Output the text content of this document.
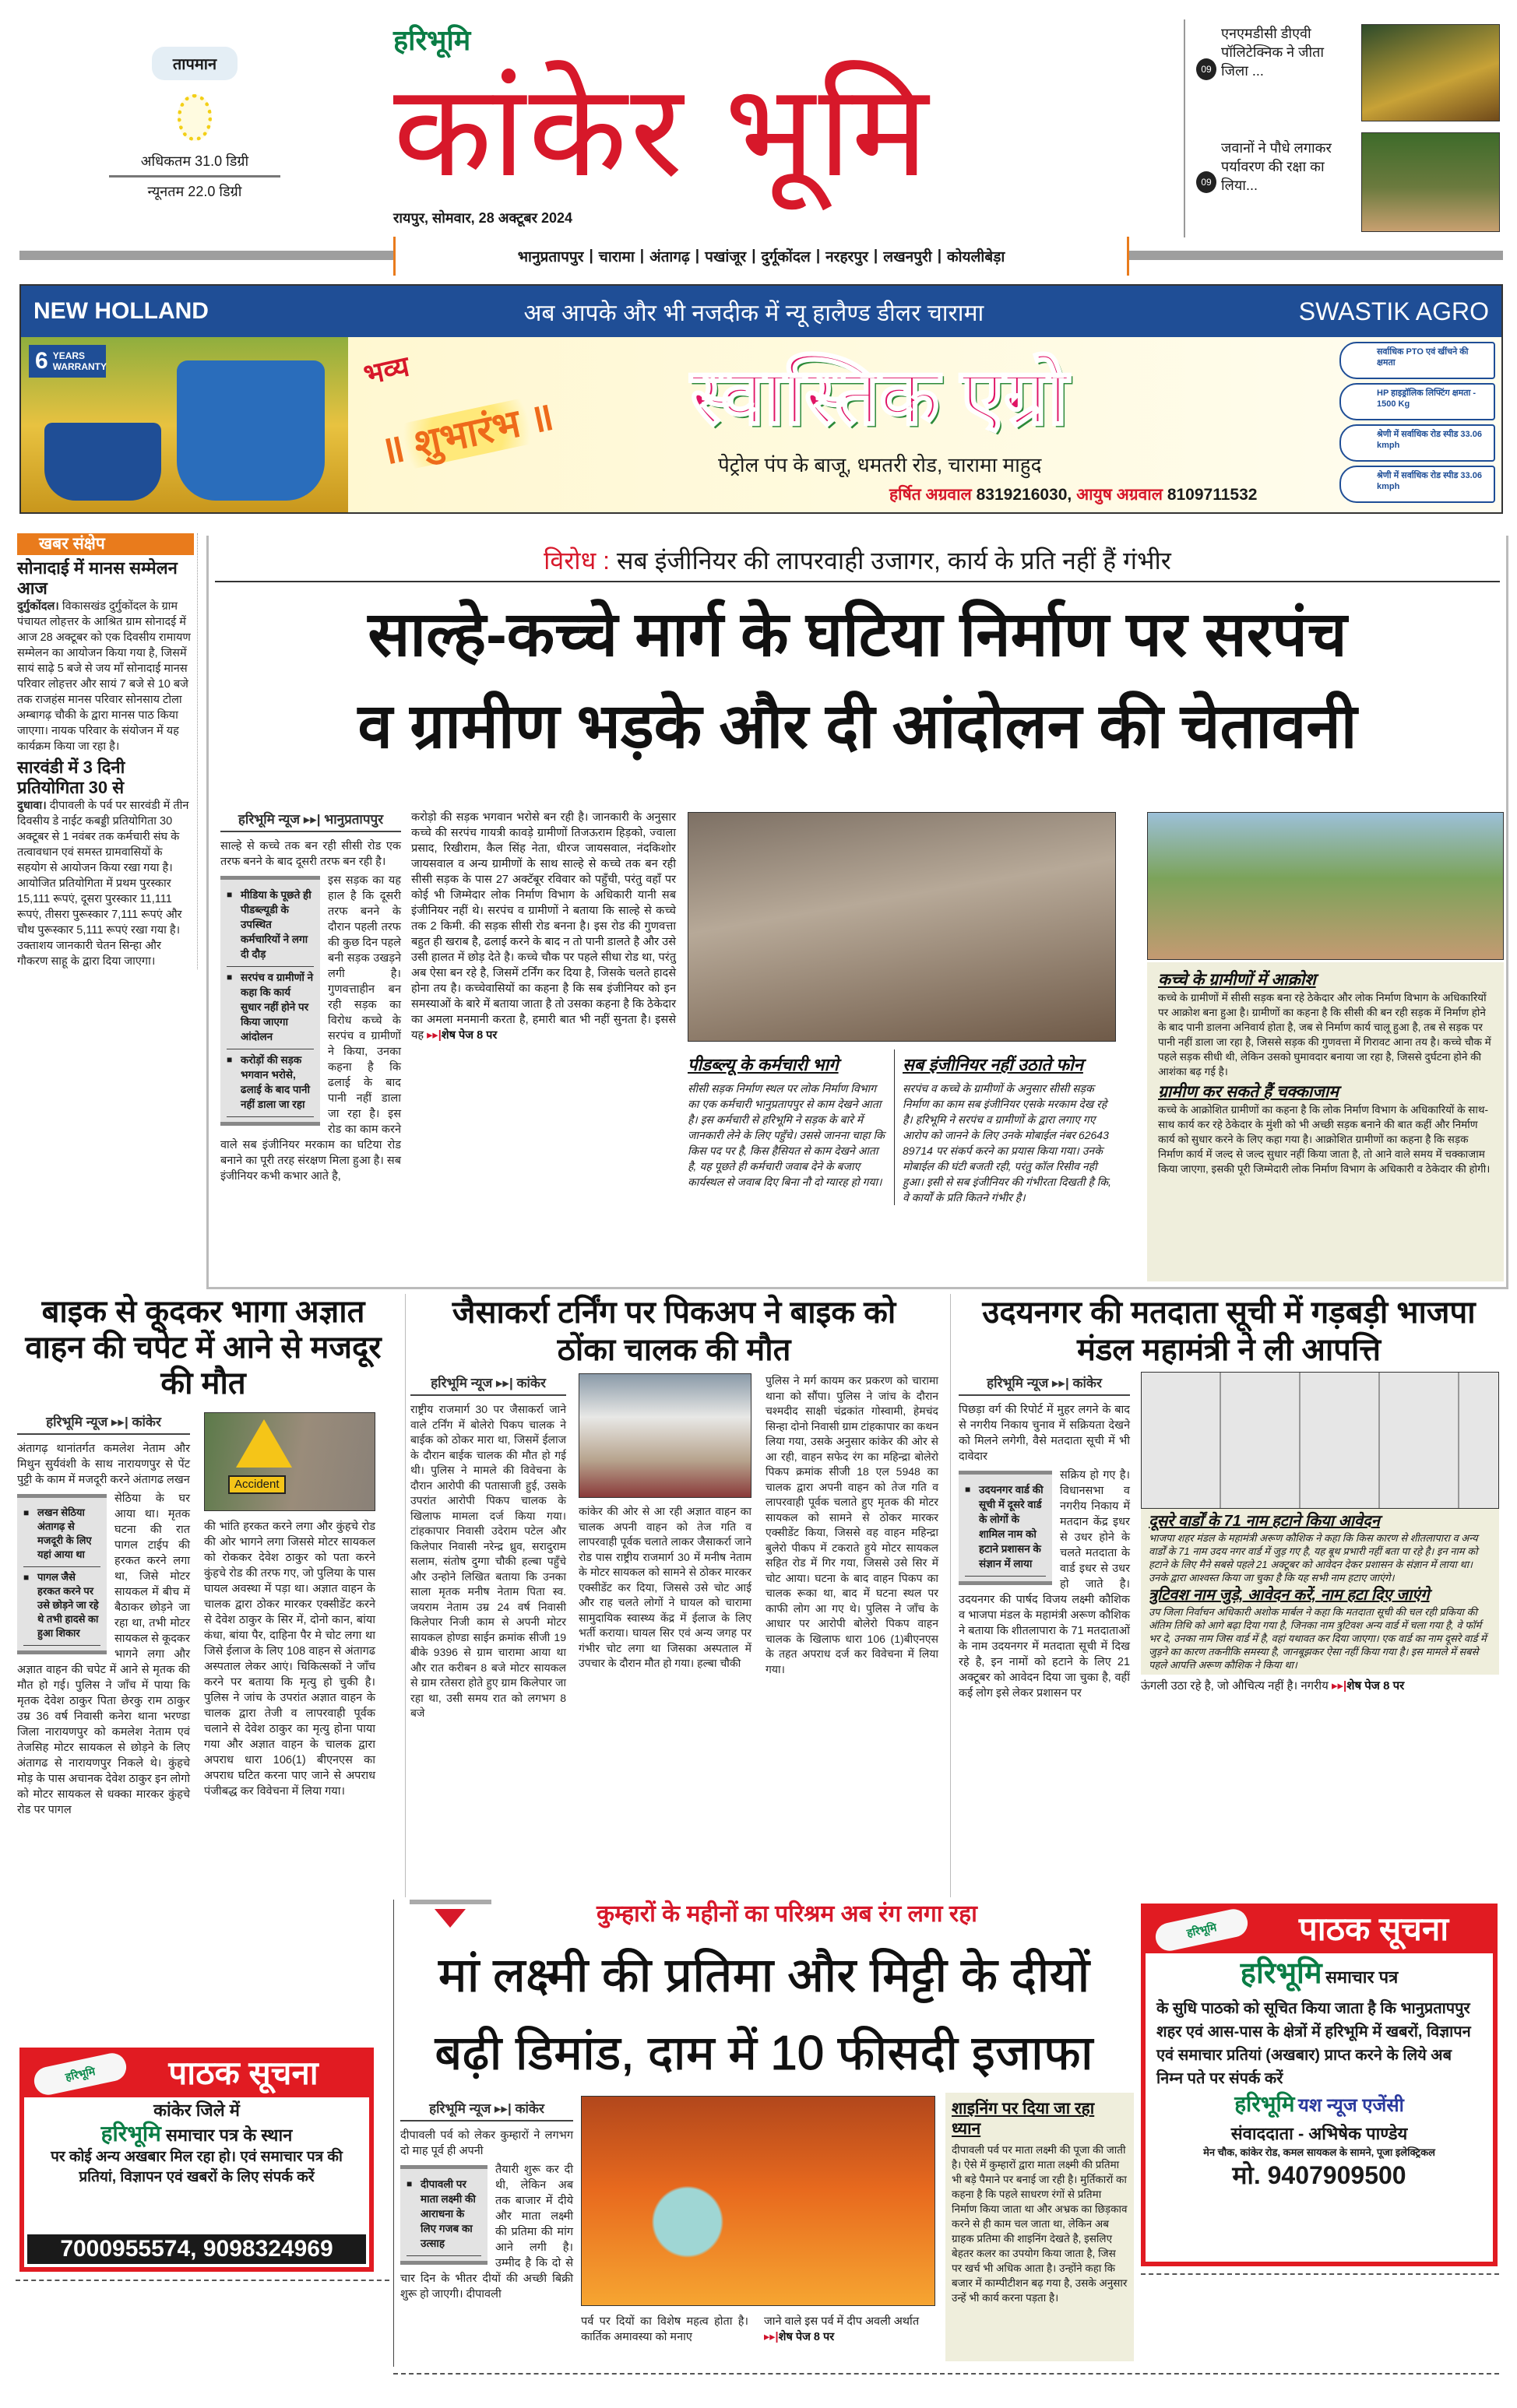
तापमान
अधिकतम 31.0 डिग्री
न्यूनतम 22.0 डिग्री
हरिभूमि
कांकेर भूमि
रायपुर, सोमवार, 28 अक्टूबर 2024
09
एनएमडीसी डीएवी पॉलिटेक्निक ने जीता जिला ...
09
जवानों ने पौधे लगाकर पर्यावरण की रक्षा का लिया...
भानुप्रतापपुर | चारामा | अंतागढ़ | पखांजूर | दुर्गूकोंदल | नरहरपुर | लखनपुरी | कोयलीबेड़ा
NEW HOLLAND	अब आपके और भी नजदीक में न्यू हालैण्ड डीलर चारामा	SWASTIK AGRO
6 YEARS WARRANTY	भव्य
॥ शुभारंभ ॥ स्वास्तिक एग्रो
पेट्रोल पंप के बाजू, धमतरी रोड, चारामा माहुद
हर्षित अग्रवाल 8319216030, आयुष अग्रवाल 8109711532
सर्वाधिक PTO एवं खींचने की क्षमता
HP हाइड्रॉलिक लिफ्टिंग क्षमता - 1500 Kg
श्रेणी में सर्वाधिक रोड स्पीड 33.06 kmph
श्रेणी में सर्वाधिक रोड स्पीड 33.06 kmph
खबर संक्षेप
सोनादाई में मानस सम्मेलन आज
दुर्गुकोंदल। विकासखंड दुर्गुकोंदल के ग्राम पंचायत लोहत्तर के आश्रित ग्राम सोनादई में आज 28 अक्टूबर को एक दिवसीय रामायण सम्मेलन का आयोजन किया गया है, जिसमें सायं साढ़े 5 बजे से जय माँ सोनादाई मानस परिवार लोहत्तर और सायं 7 बजे से 10 बजे तक राजहंस मानस परिवार सोनसाय टोला अम्बागढ़ चौकी के द्वारा मानस पाठ किया जाएगा। नायक परिवार के संयोजन में यह कार्यक्रम किया जा रहा है।
सारवंडी में 3 दिनी प्रतियोगिता 30 से
दुधावा। दीपावली के पर्व पर सारवंडी में तीन दिवसीय डे नाईट कबड्डी प्रतियोगिता 30 अक्टूबर से 1 नवंबर तक कर्मचारी संघ के तत्वावधान एवं समस्त ग्रामवासियों के सहयोग से आयोजन किया रखा गया है। आयोजित प्रतियोगिता में प्रथम पुरस्कार 15,111 रूपएं, दूसरा पुरस्कार 11,111 रूपएं, तीसरा पुरूस्कार 7,111 रूपएं और चौथ पुरूस्कार 5,111 रूपएं रखा गया है। उक्ताशय जानकारी चेतन सिन्हा और गौकरण साहू के द्वारा दिया जाएगा।
विरोध : सब इंजीनियर की लापरवाही उजागर, कार्य के प्रति नहीं हैं गंभीर
साल्हे-कच्चे मार्ग के घटिया निर्माण पर सरपंच
व ग्रामीण भड़के और दी आंदोलन की चेतावनी
हरिभूमि न्यूज ▸▸| भानुप्रतापपुर
साल्हे से कच्चे तक बन रही सीसी रोड एक तरफ बनने के बाद दूसरी तरफ बन रही है।
■ मीडिया के पूछते ही पीडब्ल्यूडी के उपस्थित कर्मचारियों ने लगा दी दौड़
■ सरपंच व ग्रामीणों ने कहा कि कार्य सुधार नहीं होने पर किया जाएगा आंदोलन
■ करोड़ों की सड़क भगवान भरोसे, ढलाई के बाद पानी नहीं डाला जा रहा
इस सड़क का यह हाल है कि दूसरी तरफ बनने के दौरान पहली तरफ की कुछ दिन पहले बनी सड़क उखड़ने लगी है। गुणवत्ताहीन बन रही सड़क का विरोध कच्चे के सरपंच व ग्रामीणों ने किया, उनका कहना है कि ढलाई के बाद पानी नहीं डाला जा रहा है। इस रोड का काम करने वाले सब इंजीनियर मरकाम का घटिया रोड बनाने का पूरी तरह संरक्षण मिला हुआ है। सब इंजीनियर कभी कभार आते है,
करोड़ो की सड़क भगवान भरोसे बन रही है। जानकारी के अनुसार कच्चे की सरपंच गायत्री कावड़े ग्रामीणों तिजऊराम हिड़को, ज्वाला प्रसाद, रिखीराम, कैल सिंह नेता, धीरज जायसवाल, नंदकिशोर जायसवाल व अन्य ग्रामीणों के साथ साल्हे से कच्चे तक बन रही सीसी सड़क के पास 27 अक्टॅबूर रविवार को पहुँची, परंतु वहाँ पर कोई भी जिम्मेदार लोक निर्माण विभाग के अधिकारी यानी सब इंजीनियर नहीं थे। सरपंच व ग्रामीणों ने बताया कि साल्हे से कच्चे तक 2 किमी. की सड़क सीसी रोड बनना है। इस रोड की गुणवत्ता बहुत ही खराब है, ढलाई करने के बाद न तो पानी डालते है और उसे उसी हालत में छोड़ देते है। कच्चे चौक पर पहले सीधा रोड था, परंतु अब ऐसा बन रहे है, जिसमें टर्निंग कर दिया है, जिसके चलते हादसे होना तय है। कच्चेवासियों का कहना है कि सब इंजीनियर को इन समस्याओं के बारे में बताया जाता है तो उसका कहना है कि ठेकेदार का अमला मनमानी करता है, हमारी बात भी नहीं सुनता है। इससे यह ▸▸|शेष पेज 8 पर
पीडब्ल्यू के कर्मचारी भागे
सीसी सड़क निर्माण स्थल पर लोक निर्माण विभाग का एक कर्मचारी भानुप्रतापपुर से काम देखने आता है। इस कर्मचारी से हरिभूमि ने सड़क के बारे में जानकारी लेने के लिए पहुँचे। उससे जानना चाहा कि किस पद पर है, किस हैसियत से काम देखने आता है, यह पूछते ही कर्मचारी जवाब देने के बजाए कार्यस्थल से जवाब दिए बिना नौ दो ग्यारह हो गया।
सब इंजीनियर नहीं उठाते फोन
सरपंच व कच्चे के ग्रामीणों के अनुसार सीसी सड़क निर्माण का काम सब इंजीनियर एसके मरकाम देख रहे है। हरिभूमि ने सरपंच व ग्रामीणों के द्वारा लगाए गए आरोप को जानने के लिए उनके मोबाईल नंबर 62643 89714 पर संकर्प करने का प्रयास किया गया। उनके मोबाईल की घंटी बजती रही, परंतु कॉल रिसीव नही हुआ। इसी से सब इंजीनियर की गंभीरता दिखती है कि, वे कार्यों के प्रति कितने गंभीर है।
कच्चे के ग्रामीणों में आक्रोश
कच्चे के ग्रामीणों में सीसी सड़क बना रहे ठेकेदार और लोक निर्माण विभाग के अधिकारियों पर आक्रोश बना हुआ है। ग्रामीणों का कहना है कि सीसी की बन रही सड़क में निर्माण होने के बाद पानी डालना अनिवार्य होता है, जब से निर्माण कार्य चालू हुआ है, तब से सड़क पर पानी नहीं डाला जा रहा है, जिससे सड़क की गुणवत्ता में गिरावट आना तय है। कच्चे चौक में पहले सड़क सीधी थी, लेकिन उसको घुमावदार बनाया जा रहा है, जिससे दुर्घटना होने की आशंका बढ़ गई है।
ग्रामीण कर सकते हैं चक्काजाम
कच्चे के आक्रोशित ग्रामीणों का कहना है कि लोक निर्माण विभाग के अधिकारियों के साथ-साथ कार्य कर रहे ठेकेदार के मुंशी को भी अच्छी सड़क बनाने की बात कहीं और निर्माण कार्य को सुधार करने के लिए कहा गया है। आक्रोशित ग्रामीणों का कहना है कि सड़क निर्माण कार्य में जल्द से जल्द सुधार नहीं किया जाता है, तो आने वाले समय में चक्काजाम किया जाएगा, इसकी पूरी जिम्मेदारी लोक निर्माण विभाग के अधिकारी व ठेकेदार की होगी।
बाइक से कूदकर भागा अज्ञात वाहन की चपेट में आने से मजदूर की मौत
हरिभूमि न्यूज ▸▸| कांकेर
अंतागढ़ थानांतर्गत कमलेश नेताम और मिथुन सुर्यवंशी के साथ नारायणपुर से पेंट पुट्टी के काम में मजदूरी करने अंतागढ लखन
■ लखन सेठिया अंतागढ़ से मजदूरी के लिए यहां आया था
■ पागल जैसे हरकत करने पर उसे छोड़ने जा रहे थे तभी हादसे का हुआ शिकार
सेठिया के घर आया था। मृतक घटना की रात पागल टाईप की हरकत करने लगा था, जिसे मोटर सायकल में बीच में बैठाकर छोड़ने जा रहा था, तभी मोटर सायकल से कूदकर भागने लगा और अज्ञात वाहन की चपेट में आने से मृतक की मौत हो गई। पुलिस ने जाँच में पाया कि मृतक देवेश ठाकुर पिता छेरकु राम ठाकुर उम्र 36 वर्ष निवासी कनेरा थाना भरण्डा जिला नारायणपुर को कमलेश नेताम एवं तेजसिह मोटर सायकल से छोड़ने के लिए अंतागढ से नारायणपुर निकले थे। कुंहचे मोड़ के पास अचानक देवेश ठाकुर इन लोगो को मोटर सायकल से धक्का मारकर कुंहचे रोड पर पागल
Accident
की भांति हरकत करने लगा और कुंहचे रोड की ओर भागने लगा जिससे मोटर सायकल को रोककर देवेश ठाकुर को पता करने कुंहचे रोड की तरफ गए, जो पुलिया के पास घायल अवस्था में पड़ा था। अज्ञात वाहन के चालक द्वारा ठोकर मारकर एक्सीडेंट करने से देवेश ठाकुर के सिर में, दोनो कान, बांया कंधा, बांया पैर, दाहिना पैर मे चोट लगा था जिसे ईलाज के लिए 108 वाहन से अंतागढ अस्पताल लेकर आएं। चिकित्सकों ने जाँच करने पर बताया कि मृत्यु हो चुकी है। पुलिस ने जांच के उपरांत अज्ञात वाहन के चालक द्वारा तेजी व लापरवाही पूर्वक चलाने से देवेश ठाकुर का मृत्यु होना पाया गया और अज्ञात वाहन के चालक द्वारा अपराध धारा 106(1) बीएनएस का अपराध घटित करना पाए जाने से अपराध पंजीबद्ध कर विवेचना में लिया गया।
जैसाकर्रा टर्निंग पर पिकअप ने बाइक को ठोंका चालक की मौत
हरिभूमि न्यूज ▸▸| कांकेर
राष्ट्रीय राजमार्ग 30 पर जैसाकर्रा जाने वाले टर्निंग में बोलेरो पिकप चालक ने बाईक को ठोकर मारा था, जिसमें ईलाज के दौरान बाईक चालक की मौत हो गई थी। पुलिस ने मामले की विवेचना के दौरान आरोपी की पतासाजी हुई, उसके उपरांत आरोपी पिकप चालक के खिलाफ मामला दर्ज किया गया। टांहकापार निवासी उदेराम पटेल और किलेपार निवासी नरेन्द्र ध्रुव, सरादुराम सलाम, संतोष दुग्गा चौकी हल्बा पहुँचे और उन्होने लिखित बताया कि उनका साला मृतक मनीष नेताम पिता स्व. जयराम नेताम उम्र 24 वर्ष निवासी किलेपार निजी काम से अपनी मोटर सायकल होण्डा साईन क्रमांक सीजी 19 बीके 9396 से ग्राम चारामा आया था और रात करीबन 8 बजे मोटर सायकल से ग्राम रतेसरा होते हुए ग्राम किलेपार जा रहा था, उसी समय रात को लगभग 8 बजे
कांकेर की ओर से आ रही अज्ञात वाहन का चालक अपनी वाहन को तेज गति व लापरवाही पूर्वक चलाते लाकर जैसाकर्रा जाने रोड पास राष्ट्रीय राजमार्ग 30 में मनीष नेताम के मोटर सायकल को सामने से ठोकर मारकर एक्सीडेंट कर दिया, जिससे उसे चोट आई और राह चलते लोगों ने घायल को चारामा सामुदायिक स्वास्थ्य केंद्र में ईलाज के लिए भर्ती कराया। घायल सिर एवं अन्य जगह पर गंभीर चोट लगा था जिसका अस्पताल में उपचार के दौरान मौत हो गया। हल्बा चौकी
पुलिस ने मर्ग कायम कर प्रकरण को चारामा थाना को सौंपा। पुलिस ने जांच के दौरान चश्मदीद साक्षी चंद्रकांत गोस्वामी, हेमचंद सिन्हा दोनो निवासी ग्राम टांहकापार का कथन लिया गया, उसके अनुसार कांकेर की ओर से आ रही, वाहन सफेद रंग का महिन्द्रा बोलेरो पिकप क्रमांक सीजी 18 एल 5948 का चालक द्वारा अपनी वाहन को तेज गति व लापरवाही पूर्वक चलाते हुए मृतक की मोटर सायकल को सामने से ठोकर मारकर एक्सीडेंट किया, जिससे वह वाहन महिन्द्रा बुलेरो पीकप में टकराते हुये मोटर सायकल सहित रोड में गिर गया, जिससे उसे सिर में चोट आया। घटना के बाद वाहन पिकप का चालक रूका था, बाद में घटना स्थल पर काफी लोग आ गए थे। पुलिस ने जाँच के आधार पर आरोपी बोलेरो पिकप वाहन चालक के खिलाफ धारा 106 (1)बीएनएस के तहत अपराध दर्ज कर विवेचना में लिया गया।
उदयनगर की मतदाता सूची में गड़बड़ी भाजपा मंडल महामंत्री ने ली आपत्ति
हरिभूमि न्यूज ▸▸| कांकेर
पिछड़ा वर्ग की रिपोर्ट में मुहर लगने के बाद से नगरीय निकाय चुनाव में सक्रियता देखने को मिलने लगेगी, वैसे मतदाता सूची में भी दावेदार
■ उदयनगर वार्ड की सूची में दूसरे वार्ड के लोगों के शामिल नाम को हटाने प्रशासन के संज्ञान में लाया
सक्रिय हो गए है। विधानसभा व नगरीय निकाय में मतदान केंद्र इधर से उधर होने के चलते मतदाता के वार्ड इधर से उधर हो जाते है। उदयनगर की पार्षद विजय लक्ष्मी कौशिक व भाजपा मंडल के महामंत्री अरूण कौशिक ने बताया कि शीतलापारा के 71 मतदाताओं के नाम उदयनगर में मतदाता सूची में दिख रहे है, इन नामों को हटाने के लिए 21 अक्टूबर को आवेदन दिया जा चुका है, वहीं कई लोग इसे लेकर प्रशासन पर
दूसरे वार्डों के 71 नाम हटाने किया आवेदन
भाजपा शहर मंडल के महामंत्री अरूण कौशिक ने कहा कि किस कारण से शीतलापारा व अन्य वार्डों के 71 नाम उदय नगर वार्ड में जुड़ गए है, यह बूथ प्रभारी नहीं बता पा रहे है। इन नाम को हटाने के लिए मैने सबसे पहले 21 अक्टूबर को आवेदन देकर प्रशासन के संज्ञान में लाया था। उनके द्वारा आश्वस्त किया जा चुका है कि यह सभी नाम हटाए जाएंगे।
त्रुटिवश नाम जुड़े, आवेदन करें, नाम हटा दिए जाएंगे
उप जिला निर्वाचन अधिकारी अशोक मार्बल ने कहा कि मतदाता सूची की चल रही प्रकिया की अंतिम तिथि को आगे बढ़ा दिया गया है, जिनका नाम त्रुटिवश अन्य वार्ड में चला गया है, वे फॉर्म भर दे, उनका नाम जिस वार्ड में है, वहां यथावत कर दिया जाएगा। एक वार्ड का नाम दूसरे वार्ड में जुड़ने का कारण तकनीकि समस्या है, जानबूझकर ऐसा नहीं किया गया है। इस मामले में सबसे पहले आपत्ति अरूण कौशिक ने किया था।
ऊंगली उठा रहे है, जो औचित्य नहीं है। नगरीय ▸▸|शेष पेज 8 पर
हरिभूमि	पाठक सूचना
कांकेर जिले में
हरिभूमि समाचार पत्र के स्थान
पर कोई अन्य अखबार मिल रहा हो। एवं समाचार पत्र की प्रतियां, विज्ञापन एवं खबरों के लिए संपर्क करें
7000955574, 9098324969
कुम्हारों के महीनों का परिश्रम अब रंग लगा रहा
मां लक्ष्मी की प्रतिमा और मिट्टी के दीयों
बढ़ी डिमांड, दाम में 10 फीसदी इजाफा
हरिभूमि न्यूज ▸▸| कांकेर
दीपावली पर्व को लेकर कुम्हारों ने लगभग दो माह पूर्व ही अपनी
■ दीपावली पर माता लक्ष्मी की आराधना के लिए गजब का उत्साह
तैयारी शुरू कर दी थी, लेकिन अब तक बाजार में दीये और माता लक्ष्मी की प्रतिमा की मांग आने लगी है। उम्मीद है कि दो से चार दिन के भीतर दीयों की अच्छी बिक्री शुरू हो जाएगी। दीपावली
पर्व पर दियों का विशेष महत्व होता है। कार्तिक अमावस्या को मनाए
जाने वाले इस पर्व में दीप अवली अर्थात ▸▸|शेष पेज 8 पर
शाइनिंग पर दिया जा रहा ध्यान
दीपावली पर्व पर माता लक्ष्मी की पूजा की जाती है। ऐसे में कुम्हारों द्वारा माता लक्ष्मी की प्रतिमा भी बड़े पैमाने पर बनाई जा रही है। मुर्तिकारों का कहना है कि पहले साधरण रंगों से प्रतिमा निर्माण किया जाता था और अभ्रक का छिड़काव करने से ही काम चल जाता था, लेकिन अब ग्राहक प्रतिमा की शाइनिंग देखते है, इसलिए बेहतर कलर का उपयोग किया जाता है, जिस पर खर्च भी अधिक आता है। उन्होंने कहा कि बजार में काम्पीटीशन बढ़ गया है, उसके अनुसार उन्हें भी कार्य करना पड़ता है।
हरिभूमि	पाठक सूचना
हरिभूमि समाचार पत्र
के सुधि पाठको को सूचित किया जाता है कि भानुप्रतापपुर शहर एवं आस-पास के क्षेत्रों में हरिभूमि में खबरों, विज्ञापन एवं समाचार प्रतियां (अखबार) प्राप्त करने के लिये अब निम्न पते पर संपर्क करें
हरिभूमि यश न्यूज एजेंसी
संवाददाता - अभिषेक पाण्डेय
मेन चौक, कांकेर रोड, कमल सायकल के सामने, पूजा इलेक्ट्रिकल
मो. 9407909500
